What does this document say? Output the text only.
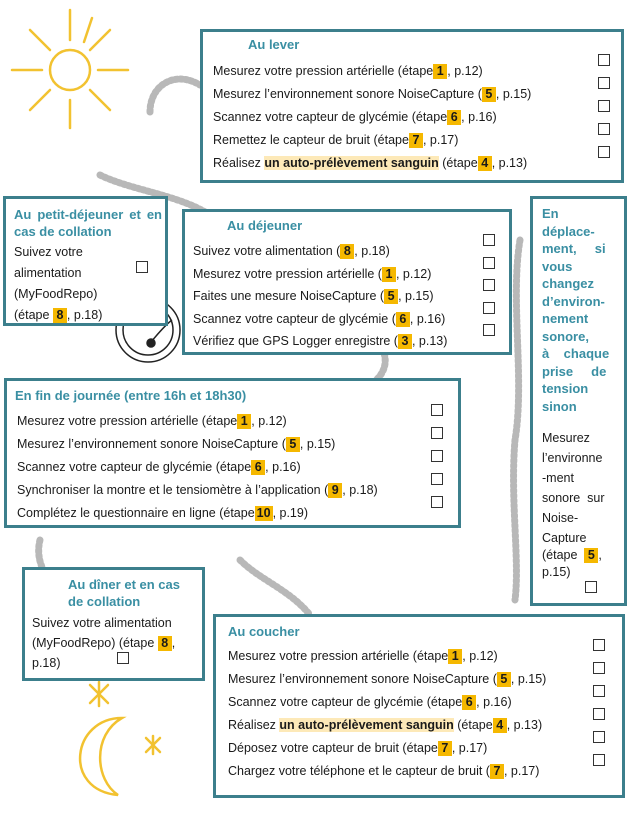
Au lever
Mesurez votre pression artérielle (étape 1 , p.12)
Mesurez l’environnement sonore NoiseCapture ( 5 , p.15)
Scannez votre capteur de glycémie (étape 6 , p.16)
Remettez le capteur de bruit (étape 7 , p.17)
Réalisez un auto-prélèvement sanguin (étape 4 , p.13)
Au petit-déjeuner et en cas de collation
Suivez votre
alimentation
(MyFoodRepo)
(étape 8 , p.18)
Au déjeuner
Suivez votre alimentation ( 8 , p.18)
Mesurez votre pression artérielle ( 1 , p.12)
Faites une mesure NoiseCapture ( 5 , p.15)
Scannez votre capteur de glycémie ( 6 , p.16)
Vérifiez que GPS Logger enregistre ( 3 , p.13)
En
déplace-
ment,     si
vous
changez
d’environ-
nement
sonore,
à    chaque
prise     de
tension
sinon
Mesurez
l’environne
-ment
sonore  sur
Noise-
Capture
(étape 5 ,
p.15)
En fin de journée (entre 16h et 18h30)
Mesurez votre pression artérielle (étape 1 , p.12)
Mesurez l’environnement sonore NoiseCapture ( 5 , p.15)
Scannez votre capteur de glycémie (étape 6 , p.16)
Synchroniser la montre et le tensiomètre à l’application ( 9 , p.18)
Complétez le questionnaire en ligne (étape 10 , p.19)
Au dîner et en cas
de collation
Suivez votre alimentation
(MyFoodRepo) (étape 8 ,
p.18)
Au coucher
Mesurez votre pression artérielle (étape 1 , p.12)
Mesurez l’environnement sonore NoiseCapture ( 5 , p.15)
Scannez votre capteur de glycémie (étape 6 , p.16)
Réalisez un auto-prélèvement sanguin (étape 4 , p.13)
Déposez votre capteur de bruit (étape 7 , p.17)
Chargez votre téléphone et le capteur de bruit ( 7 , p.17)
